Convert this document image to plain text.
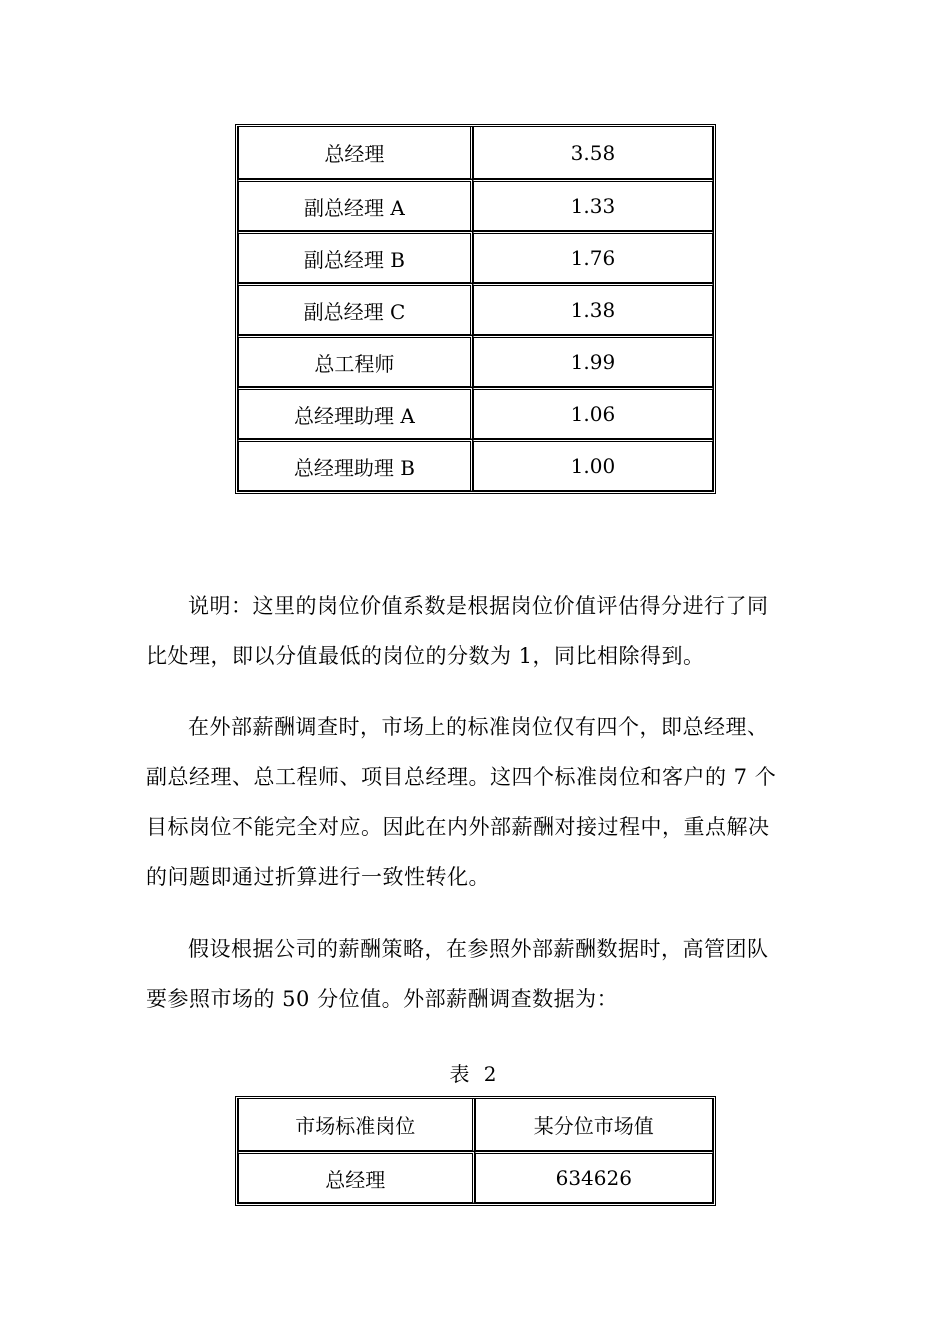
总经理	3.58
副总经理 A	1.33
副总经理 B	1.76
副总经理 C	1.38
总工程师	1.99
总经理助理 A	1.06
总经理助理 B	1.00
说明：这里的岗位价值系数是根据岗位价值评估得分进行了同
比处理，即以分值最低的岗位的分数为 1，同比相除得到。
在外部薪酬调查时，市场上的标准岗位仅有四个，即总经理、
副总经理、总工程师、项目总经理。这四个标准岗位和客户的 7 个
目标岗位不能完全对应。因此在内外部薪酬对接过程中，重点解决
的问题即通过折算进行一致性转化。
假设根据公司的薪酬策略，在参照外部薪酬数据时，高管团队
要参照市场的 50 分位值。外部薪酬调查数据为：

表 2

市场标准岗位	某分位市场值
总经理	634626
